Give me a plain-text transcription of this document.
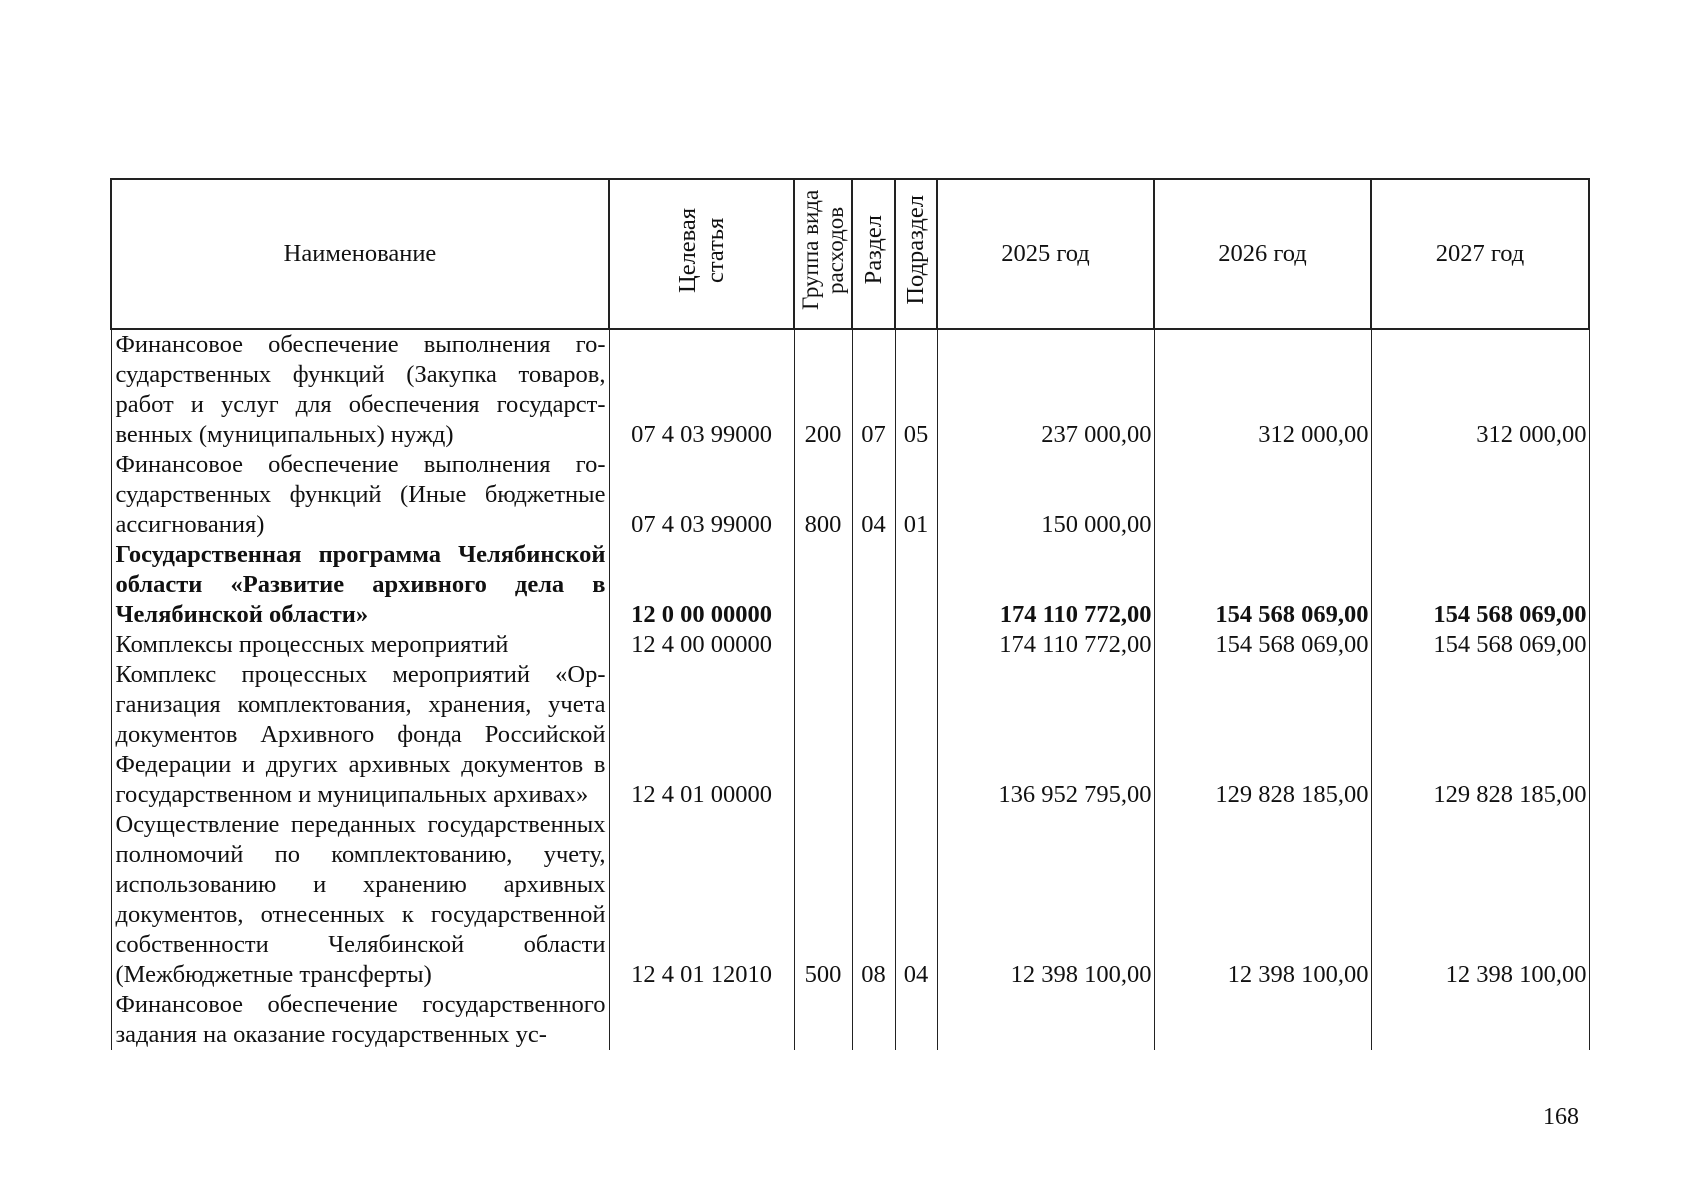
Наименование	Целевая статья	Группа вида расходов	Раздел	Подраздел	2025 год	2026 год	2027 год
Финансовое обеспечение выполнения государственных функций (Закупка товаров, работ и услуг для обеспечения государственных (муниципальных) нужд)	07 4 03 99000	200	07	05	237 000,00	312 000,00	312 000,00
Финансовое обеспечение выполнения государственных функций (Иные бюджетные ассигнования)	07 4 03 99000	800	04	01	150 000,00		
Государственная программа Челябинской области «Развитие архивного дела в Челябинской области»	12 0 00 00000				174 110 772,00	154 568 069,00	154 568 069,00
Комплексы процессных мероприятий	12 4 00 00000				174 110 772,00	154 568 069,00	154 568 069,00
Комплекс процессных мероприятий «Организация комплектования, хранения, учета документов Архивного фонда Российской Федерации и других архивных документов в государственном и муниципальных архивах»	12 4 01 00000				136 952 795,00	129 828 185,00	129 828 185,00
Осуществление переданных государственных полномочий по комплектованию, учету, использованию и хранению архивных документов, отнесенных к государственной собственности Челябинской области (Межбюджетные трансферты)	12 4 01 12010	500	08	04	12 398 100,00	12 398 100,00	12 398 100,00
Финансовое обеспечение государственного задания на оказание государственных ус-							
168
